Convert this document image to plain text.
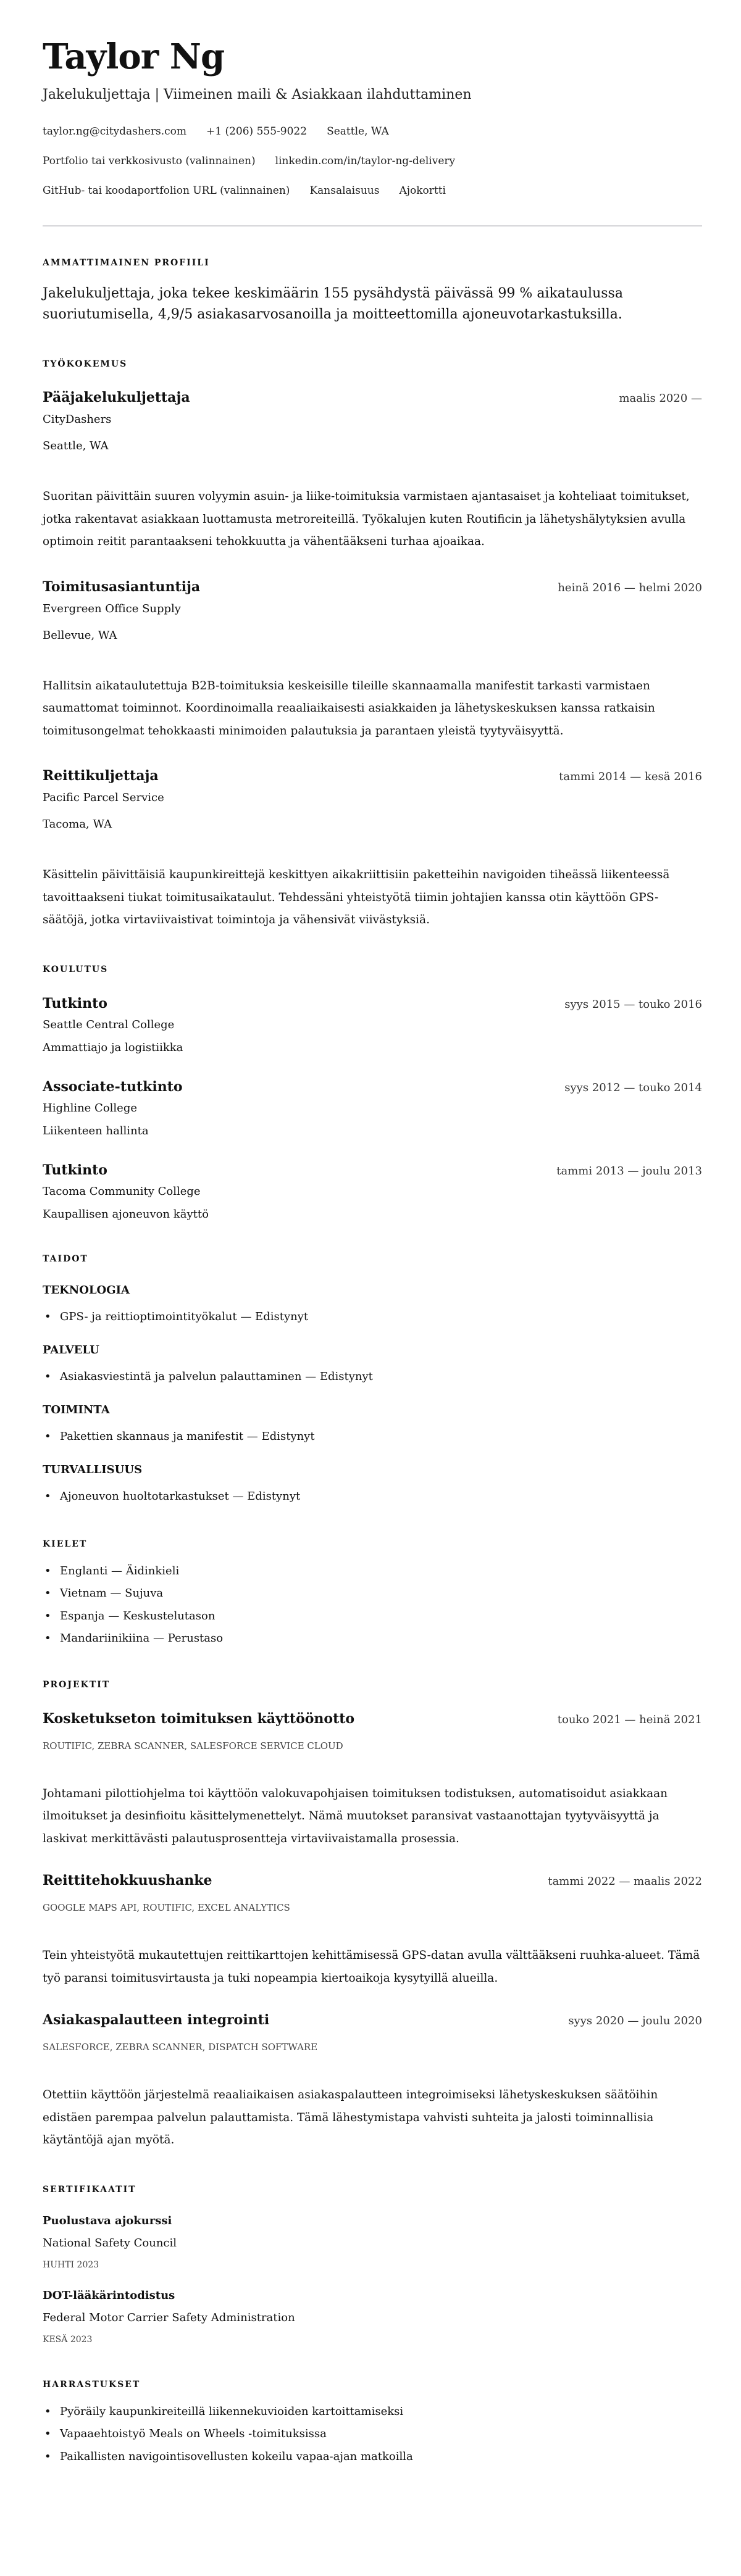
Taylor Ng
Jakelukuljettaja | Viimeinen maili & Asiakkaan ilahduttaminen
taylor.ng@citydashers.com +1 (206) 555-9022 Seattle, WA
Portfolio tai verkkosivusto (valinnainen) linkedin.com/in/taylor-ng-delivery
GitHub- tai koodaportfolion URL (valinnainen) Kansalaisuus Ajokortti
AMMATTIMAINEN PROFIILI
Jakelukuljettaja, joka tekee keskimäärin 155 pysähdystä päivässä 99 % aikataulussa suoriutumisella, 4,9/5 asiakasarvosanoilla ja moitteettomilla ajoneuvotarkastuksilla.
TYÖKOKEMUS
Pääjakelukuljettaja	maalis 2020 —
CityDashers
Seattle, WA
Suoritan päivittäin suuren volyymin asuin- ja liike-toimituksia varmistaen ajantasaiset ja kohteliaat toimitukset, jotka rakentavat asiakkaan luottamusta metroreiteillä. Työkalujen kuten Routificin ja lähetyshälytyksien avulla optimoin reitit parantaakseni tehokkuutta ja vähentääkseni turhaa ajoaikaa.
Toimitusasiantuntija	heinä 2016 — helmi 2020
Evergreen Office Supply
Bellevue, WA
Hallitsin aikataulutettuja B2B-toimituksia keskeisille tileille skannaamalla manifestit tarkasti varmistaen saumattomat toiminnot. Koordinoimalla reaaliaikaisesti asiakkaiden ja lähetyskeskuksen kanssa ratkaisin toimitusongelmat tehokkaasti minimoiden palautuksia ja parantaen yleistä tyytyväisyyttä.
Reittikuljettaja	tammi 2014 — kesä 2016
Pacific Parcel Service
Tacoma, WA
Käsittelin päivittäisiä kaupunkireittejä keskittyen aikakriittisiin paketteihin navigoiden tiheässä liikenteessä tavoittaakseni tiukat toimitusaikataulut. Tehdessäni yhteistyötä tiimin johtajien kanssa otin käyttöön GPS-säätöjä, jotka virtaviivaistivat toimintoja ja vähensivät viivästyksiä.
KOULUTUS
Tutkinto	syys 2015 — touko 2016
Seattle Central College
Ammattiajo ja logistiikka
Associate-tutkinto	syys 2012 — touko 2014
Highline College
Liikenteen hallinta
Tutkinto	tammi 2013 — joulu 2013
Tacoma Community College
Kaupallisen ajoneuvon käyttö
TAIDOT
TEKNOLOGIA
• GPS- ja reittioptimointityökalut — Edistynyt
PALVELU
• Asiakasviestintä ja palvelun palauttaminen — Edistynyt
TOIMINTA
• Pakettien skannaus ja manifestit — Edistynyt
TURVALLISUUS
• Ajoneuvon huoltotarkastukset — Edistynyt
KIELET
• Englanti — Äidinkieli
• Vietnam — Sujuva
• Espanja — Keskustelutason
• Mandariinikiina — Perustaso
PROJEKTIT
Kosketukseton toimituksen käyttöönotto	touko 2021 — heinä 2021
ROUTIFIC, ZEBRA SCANNER, SALESFORCE SERVICE CLOUD
Johtamani pilottiohjelma toi käyttöön valokuvapohjaisen toimituksen todistuksen, automatisoidut asiakkaan ilmoitukset ja desinfioitu käsittelymenettelyt. Nämä muutokset paransivat vastaanottajan tyytyväisyyttä ja laskivat merkittävästi palautusprosentteja virtaviivaistamalla prosessia.
Reittitehokkuushanke	tammi 2022 — maalis 2022
GOOGLE MAPS API, ROUTIFIC, EXCEL ANALYTICS
Tein yhteistyötä mukautettujen reittikarttojen kehittämisessä GPS-datan avulla välttääkseni ruuhka-alueet. Tämä työ paransi toimitusvirtausta ja tuki nopeampia kiertoaikoja kysytyillä alueilla.
Asiakaspalautteen integrointi	syys 2020 — joulu 2020
SALESFORCE, ZEBRA SCANNER, DISPATCH SOFTWARE
Otettiin käyttöön järjestelmä reaaliaikaisen asiakaspalautteen integroimiseksi lähetyskeskuksen säätöihin edistäen parempaa palvelun palauttamista. Tämä lähestymistapa vahvisti suhteita ja jalosti toiminnallisia käytäntöjä ajan myötä.
SERTIFIKAATIT
Puolustava ajokurssi
National Safety Council
HUHTI 2023
DOT-lääkärintodistus
Federal Motor Carrier Safety Administration
KESÄ 2023
HARRASTUKSET
• Pyöräily kaupunkireiteillä liikennekuvioiden kartoittamiseksi
• Vapaaehtoistyö Meals on Wheels -toimituksissa
• Paikallisten navigointisovellusten kokeilu vapaa-ajan matkoilla
